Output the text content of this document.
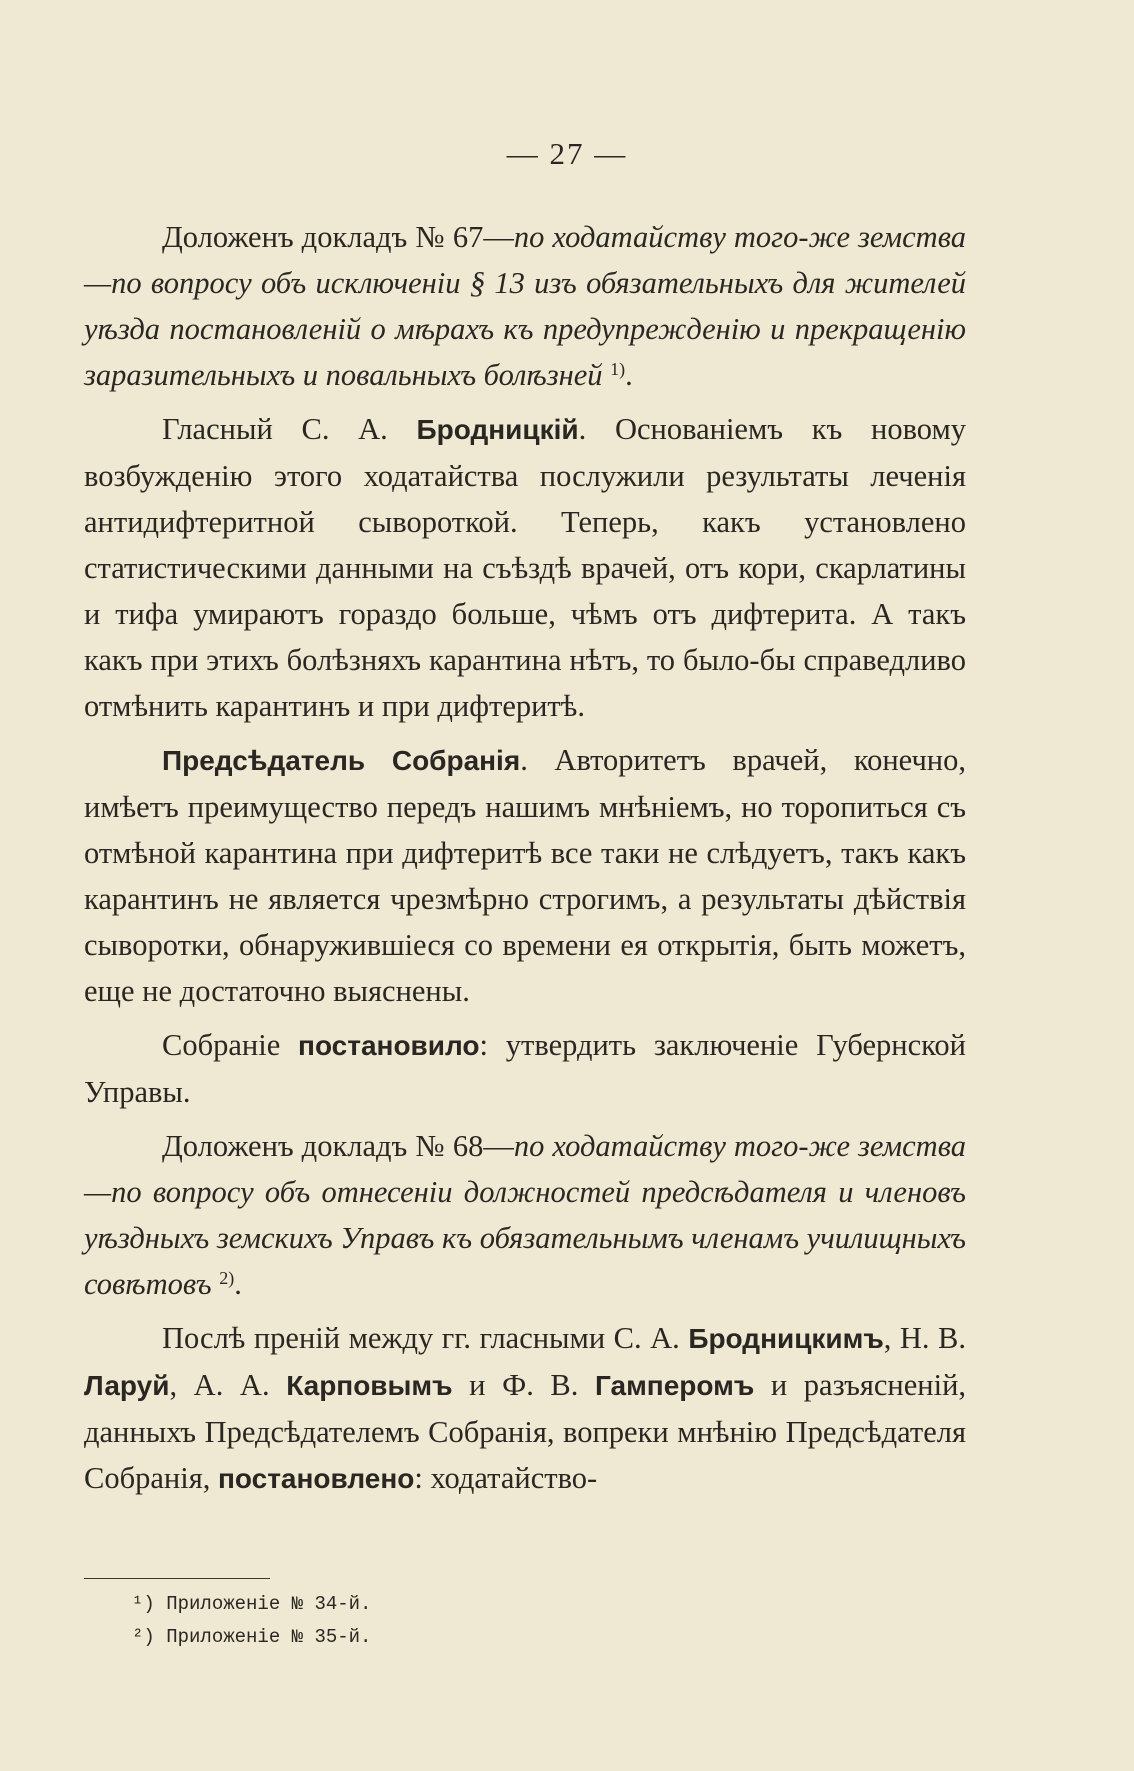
— 27 —

Доложенъ докладъ № 67—по ходатайству того-же земства—по вопросу объ исключеніи § 13 изъ обязательныхъ для жителей уѣзда постановленій о мѣрахъ къ предупрежденію и прекращенію заразительныхъ и повальныхъ болѣзней $^{1)}$.

Гласный С. А. Бродницкій. Основаніемъ къ новому возбужденію этого ходатайства послужили результаты леченія антидифтеритной сывороткой. Теперь, какъ установлено статистическими данными на съѣздѣ врачей, отъ кори, скарлатины и тифа умираютъ гораздо больше, чѣмъ отъ дифтерита. А такъ какъ при этихъ болѣзняхъ карантина нѣтъ, то было-бы справедливо отмѣнить карантинъ и при дифтеритѣ.

Предсѣдатель Собранія. Авторитетъ врачей, конечно, имѣетъ преимущество передъ нашимъ мнѣніемъ, но торопиться съ отмѣной карантина при дифтеритѣ все таки не слѣдуетъ, такъ какъ карантинъ не является чрезмѣрно строгимъ, а результаты дѣйствія сыворотки, обнаружившіеся со времени ея открытія, быть можетъ, еще не достаточно выяснены.

Собраніе постановило: утвердить заключеніе Губернской Управы.

Доложенъ докладъ № 68—по ходатайству того-же земства—по вопросу объ отнесеніи должностей предсѣдателя и членовъ уѣздныхъ земскихъ Управъ къ обязательнымъ членамъ училищныхъ совѣтовъ $^{2)}$.

Послѣ преній между гг. гласными С. А. Бродницкимъ, Н. В. Ларуй, А. А. Карповымъ и Ф. В. Гамперомъ и разъясненій, данныхъ Предсѣдателемъ Собранія, вопреки мнѣнію Предсѣдателя Собранія, постановлено: ходатайство-

¹) Приложеніе № 34-й.
²) Приложеніе № 35-й.
